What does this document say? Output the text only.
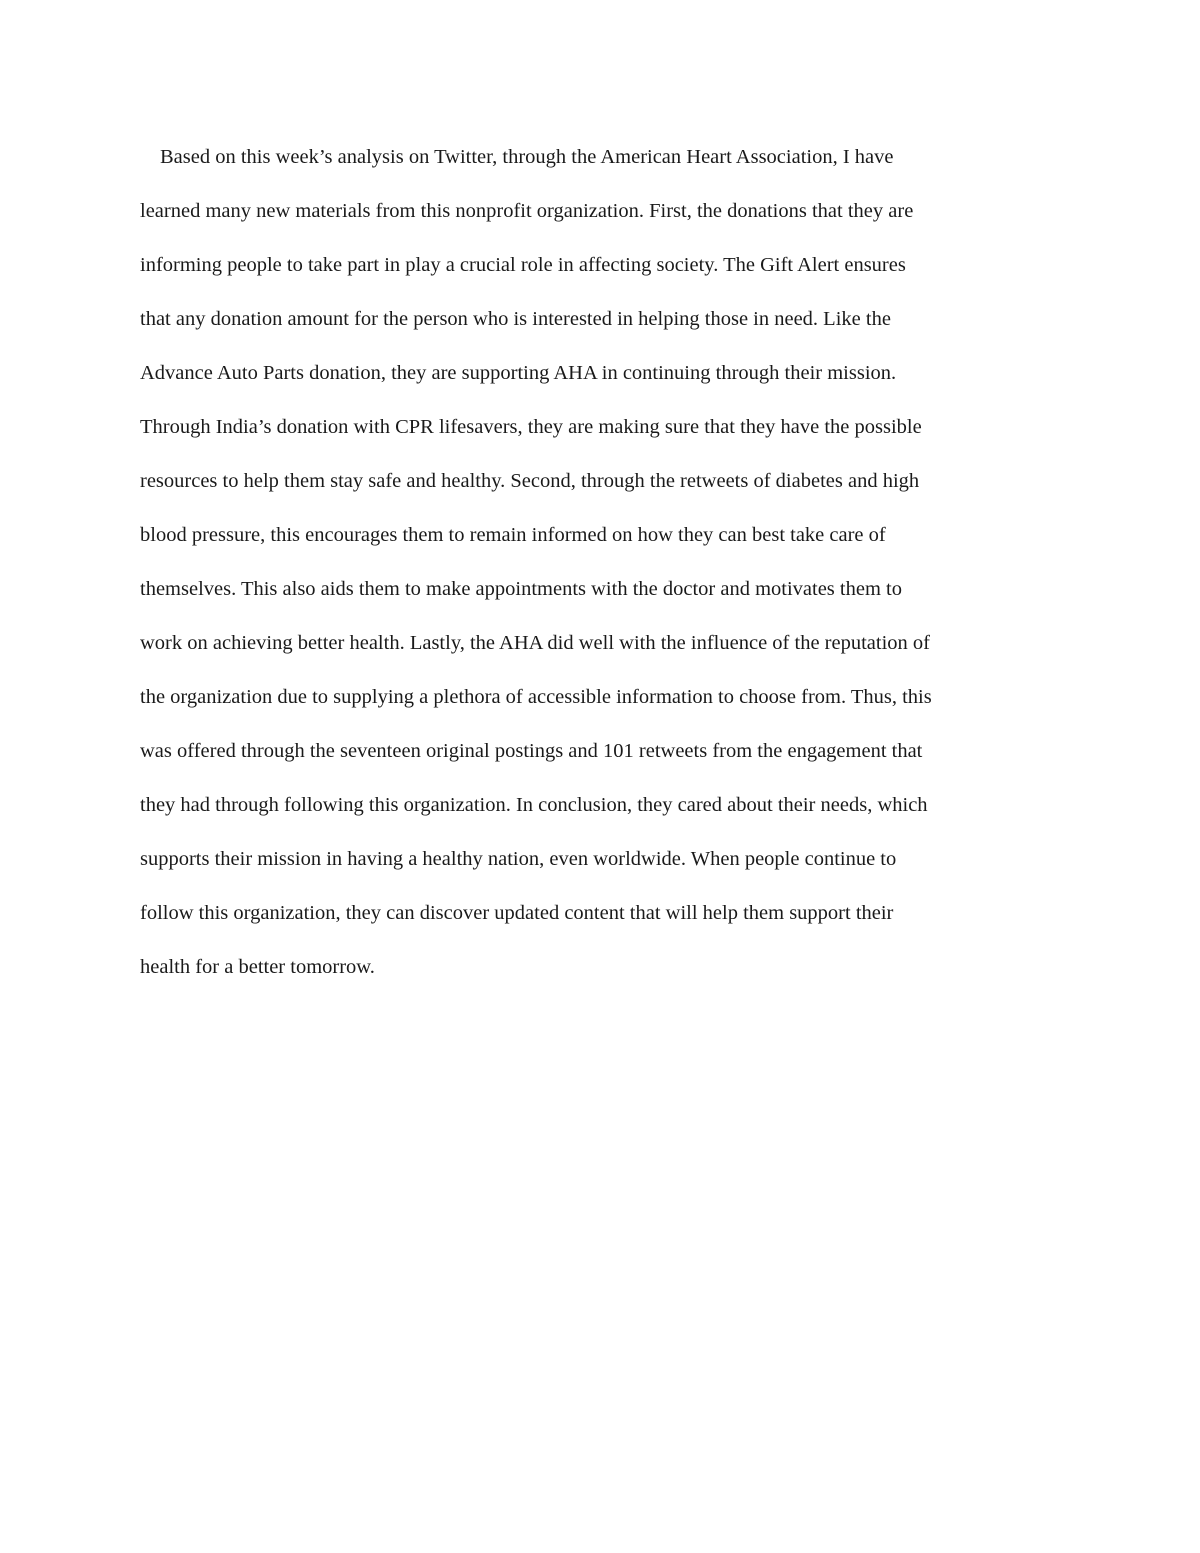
Based on this week’s analysis on Twitter, through the American Heart Association, I have
learned many new materials from this nonprofit organization. First, the donations that they are
informing people to take part in play a crucial role in affecting society. The Gift Alert ensures
that any donation amount for the person who is interested in helping those in need. Like the
Advance Auto Parts donation, they are supporting AHA in continuing through their mission.
Through India’s donation with CPR lifesavers, they are making sure that they have the possible
resources to help them stay safe and healthy. Second, through the retweets of diabetes and high
blood pressure, this encourages them to remain informed on how they can best take care of
themselves. This also aids them to make appointments with the doctor and motivates them to
work on achieving better health. Lastly, the AHA did well with the influence of the reputation of
the organization due to supplying a plethora of accessible information to choose from. Thus, this
was offered through the seventeen original postings and 101 retweets from the engagement that
they had through following this organization. In conclusion, they cared about their needs, which
supports their mission in having a healthy nation, even worldwide. When people continue to
follow this organization, they can discover updated content that will help them support their
health for a better tomorrow.
